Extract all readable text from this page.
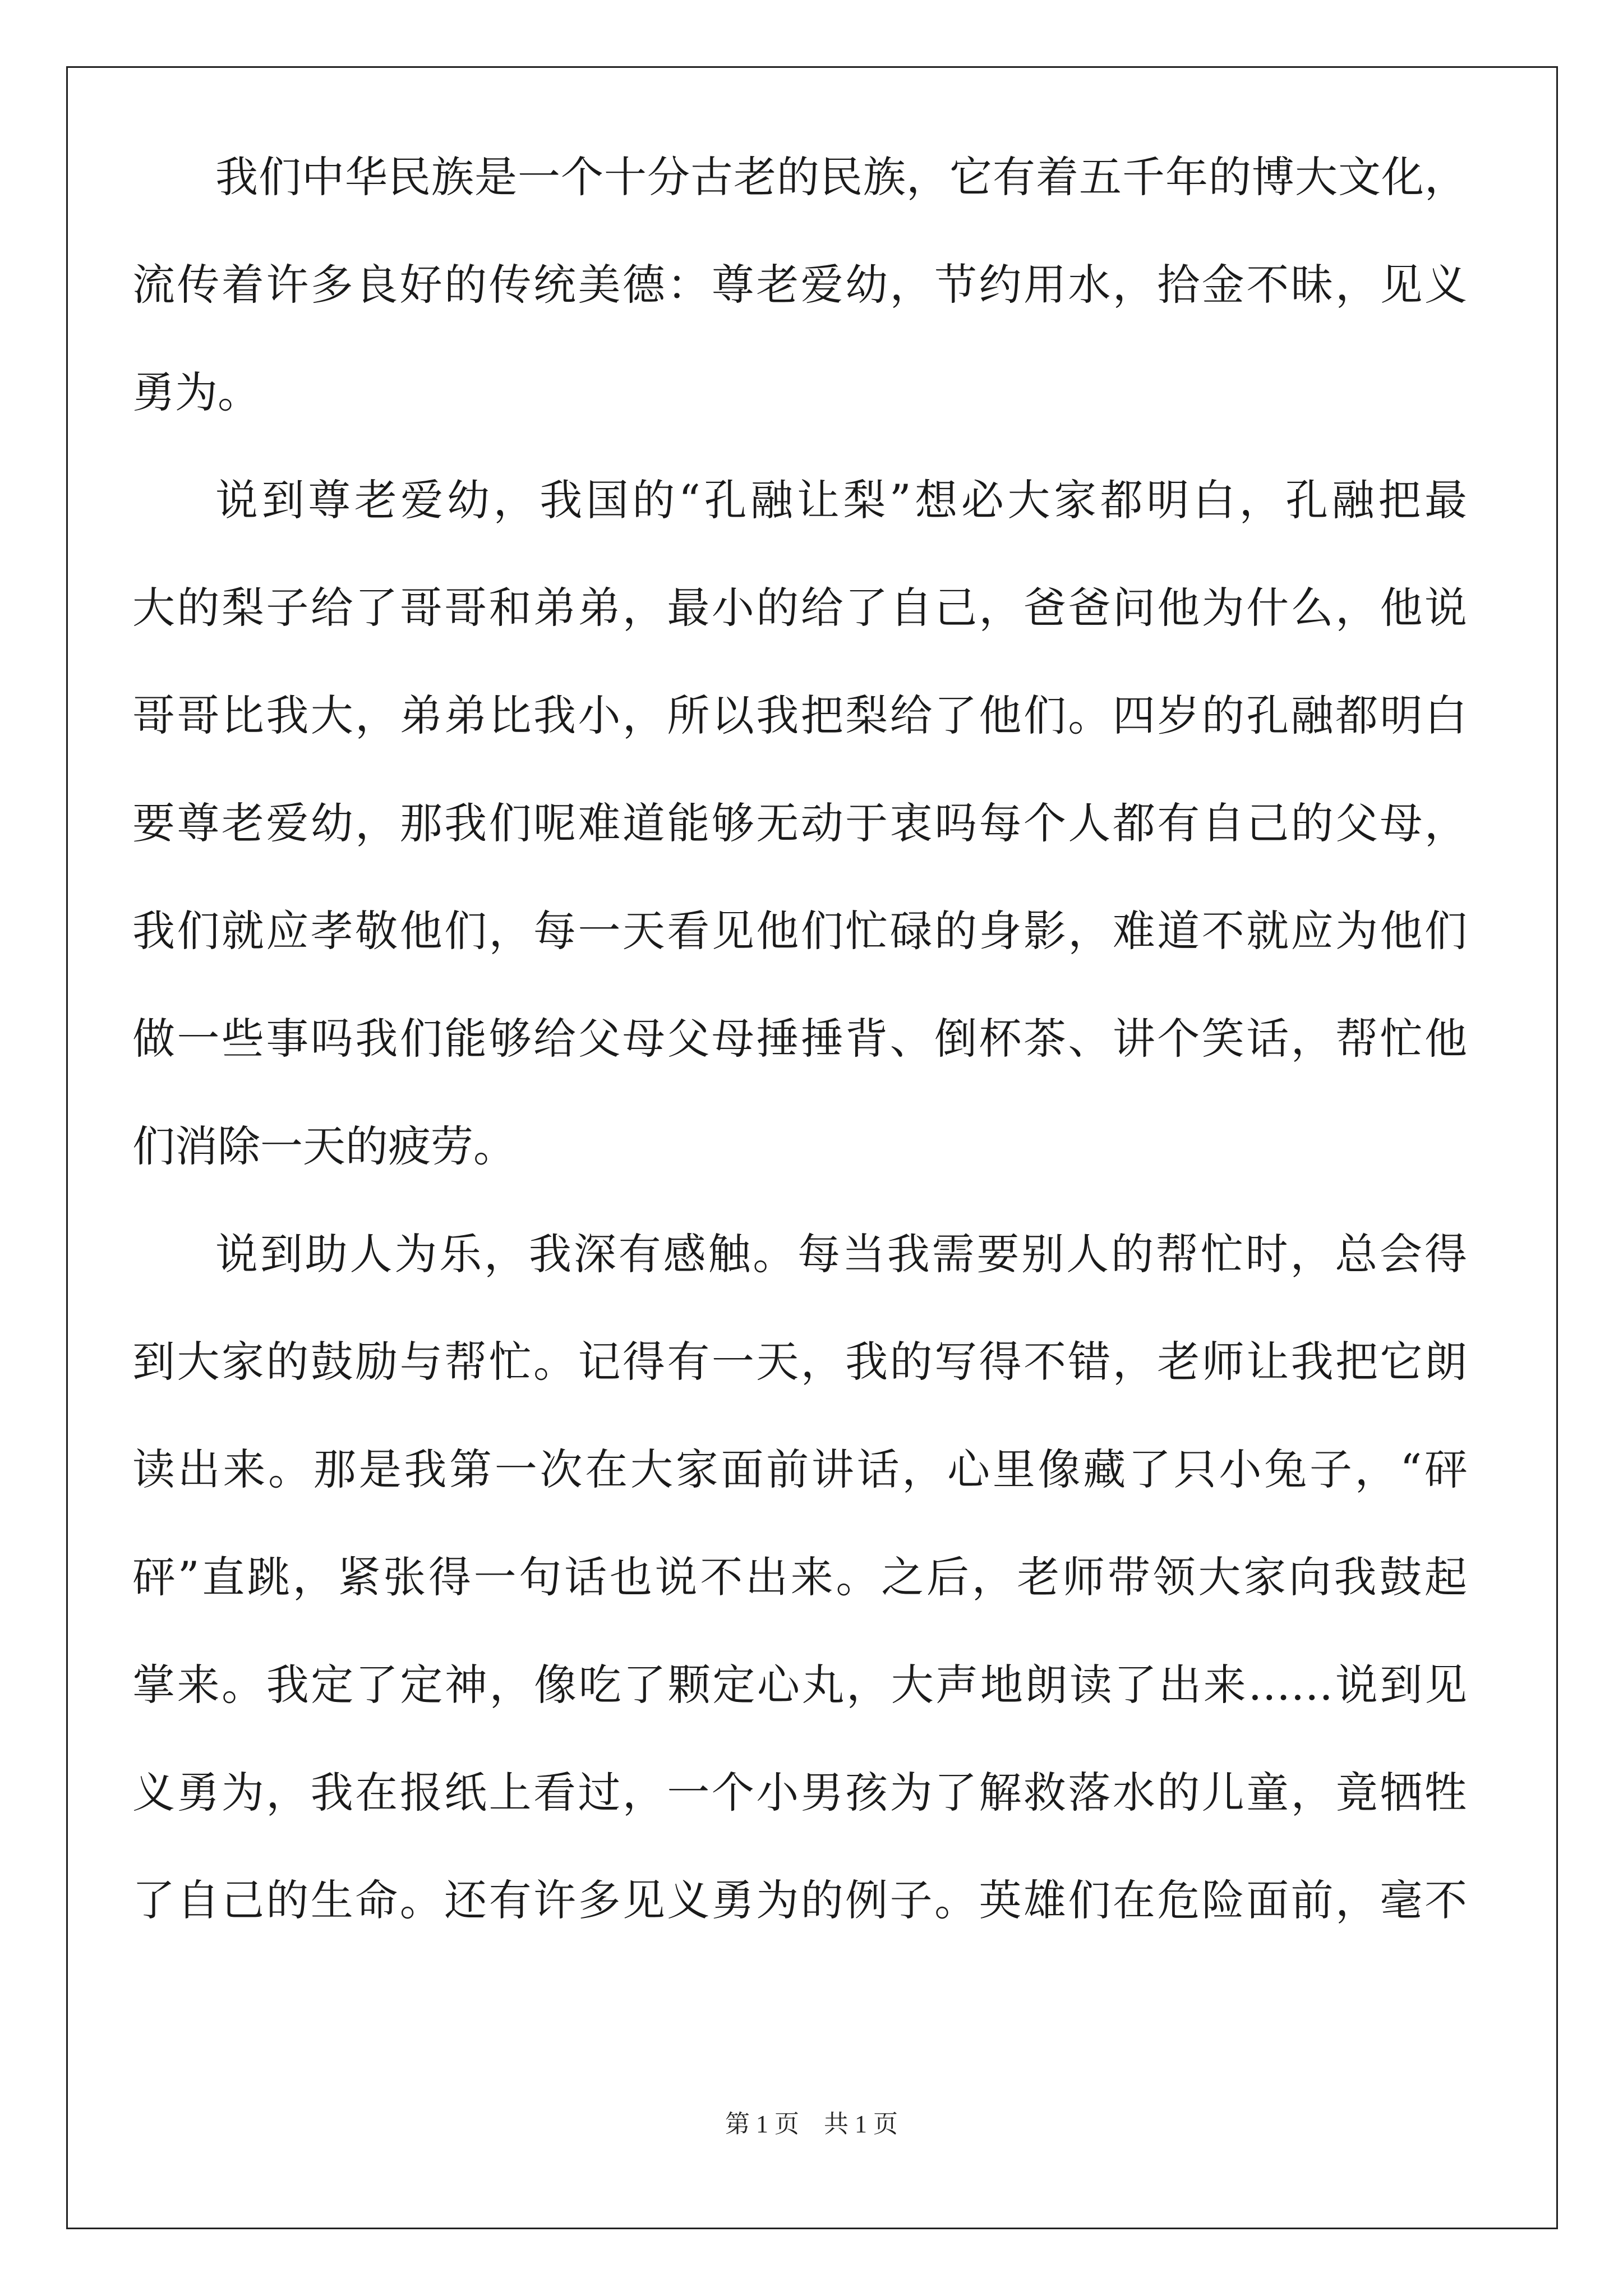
我们中华民族是一个十分古老的民族，它有着五千年的博大文化，
流传着许多良好的传统美德：尊老爱幼，节约用水，拾金不昧，见义
勇为。
说到尊老爱幼，我国的“孔融让梨”想必大家都明白，孔融把最
大的梨子给了哥哥和弟弟，最小的给了自己，爸爸问他为什么，他说
哥哥比我大，弟弟比我小，所以我把梨给了他们。四岁的孔融都明白
要尊老爱幼，那我们呢难道能够无动于衷吗每个人都有自己的父母，
我们就应孝敬他们，每一天看见他们忙碌的身影，难道不就应为他们
做一些事吗我们能够给父母父母捶捶背、倒杯茶、讲个笑话，帮忙他
们消除一天的疲劳。
说到助人为乐，我深有感触。每当我需要别人的帮忙时，总会得
到大家的鼓励与帮忙。记得有一天，我的写得不错，老师让我把它朗
读出来。那是我第一次在大家面前讲话，心里像藏了只小兔子，“砰
砰”直跳，紧张得一句话也说不出来。之后，老师带领大家向我鼓起
掌来。我定了定神，像吃了颗定心丸，大声地朗读了出来……说到见
义勇为，我在报纸上看过，一个小男孩为了解救落水的儿童，竟牺牲
了自己的生命。还有许多见义勇为的例子。英雄们在危险面前，毫不
第 1 页　共 1 页
